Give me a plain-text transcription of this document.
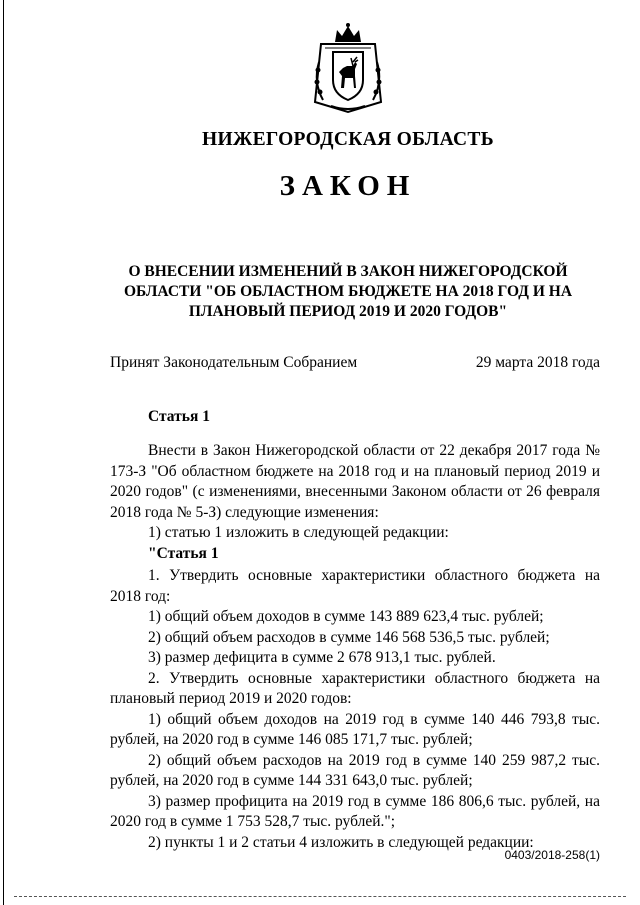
НИЖЕГОРОДСКАЯ ОБЛАСТЬ
ЗАКОН
О ВНЕСЕНИИ ИЗМЕНЕНИЙ В ЗАКОН НИЖЕГОРОДСКОЙ ОБЛАСТИ "ОБ ОБЛАСТНОМ БЮДЖЕТЕ НА 2018 ГОД И НА ПЛАНОВЫЙ ПЕРИОД 2019 И 2020 ГОДОВ"
Принят Законодательным Собранием	29 марта 2018 года
Статья 1

Внести в Закон Нижегородской области от 22 декабря 2017 года № 173-З "Об областном бюджете на 2018 год и на плановый период 2019 и 2020 годов" (с изменениями, внесенными Законом области от 26 февраля 2018 года № 5-З) следующие изменения:

1) статью 1 изложить в следующей редакции:

"Статья 1

1. Утвердить основные характеристики областного бюджета на 2018 год:

1) общий объем доходов в сумме 143 889 623,4 тыс. рублей;

2) общий объем расходов в сумме 146 568 536,5 тыс. рублей;

3) размер дефицита в сумме 2 678 913,1 тыс. рублей.

2. Утвердить основные характеристики областного бюджета на плановый период 2019 и 2020 годов:

1) общий объем доходов на 2019 год в сумме 140 446 793,8 тыс. рублей, на 2020 год в сумме 146 085 171,7 тыс. рублей;

2) общий объем расходов на 2019 год в сумме 140 259 987,2 тыс. рублей, на 2020 год в сумме 144 331 643,0 тыс. рублей;

3) размер профицита на 2019 год в сумме 186 806,6 тыс. рублей, на 2020 год в сумме 1 753 528,7 тыс. рублей.";

2) пункты 1 и 2 статьи 4 изложить в следующей редакции:

0403/2018-258(1)
